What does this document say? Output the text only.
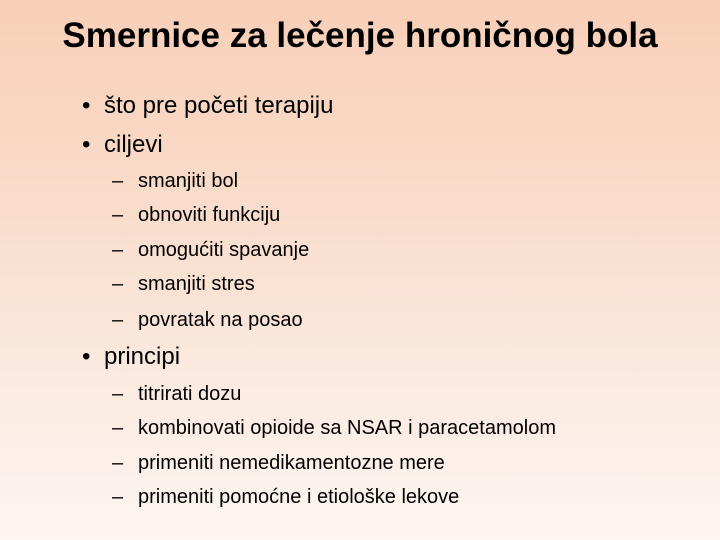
Smernice za lečenje hroničnog bola
• što pre početi terapiju
• ciljevi
– smanjiti bol
– obnoviti funkciju
– omogućiti spavanje
– smanjiti stres
– povratak na posao
• principi
– titrirati dozu
– kombinovati opioide sa NSAR i paracetamolom
– primeniti nemedikamentozne mere
– primeniti pomoćne i etiološke lekove
